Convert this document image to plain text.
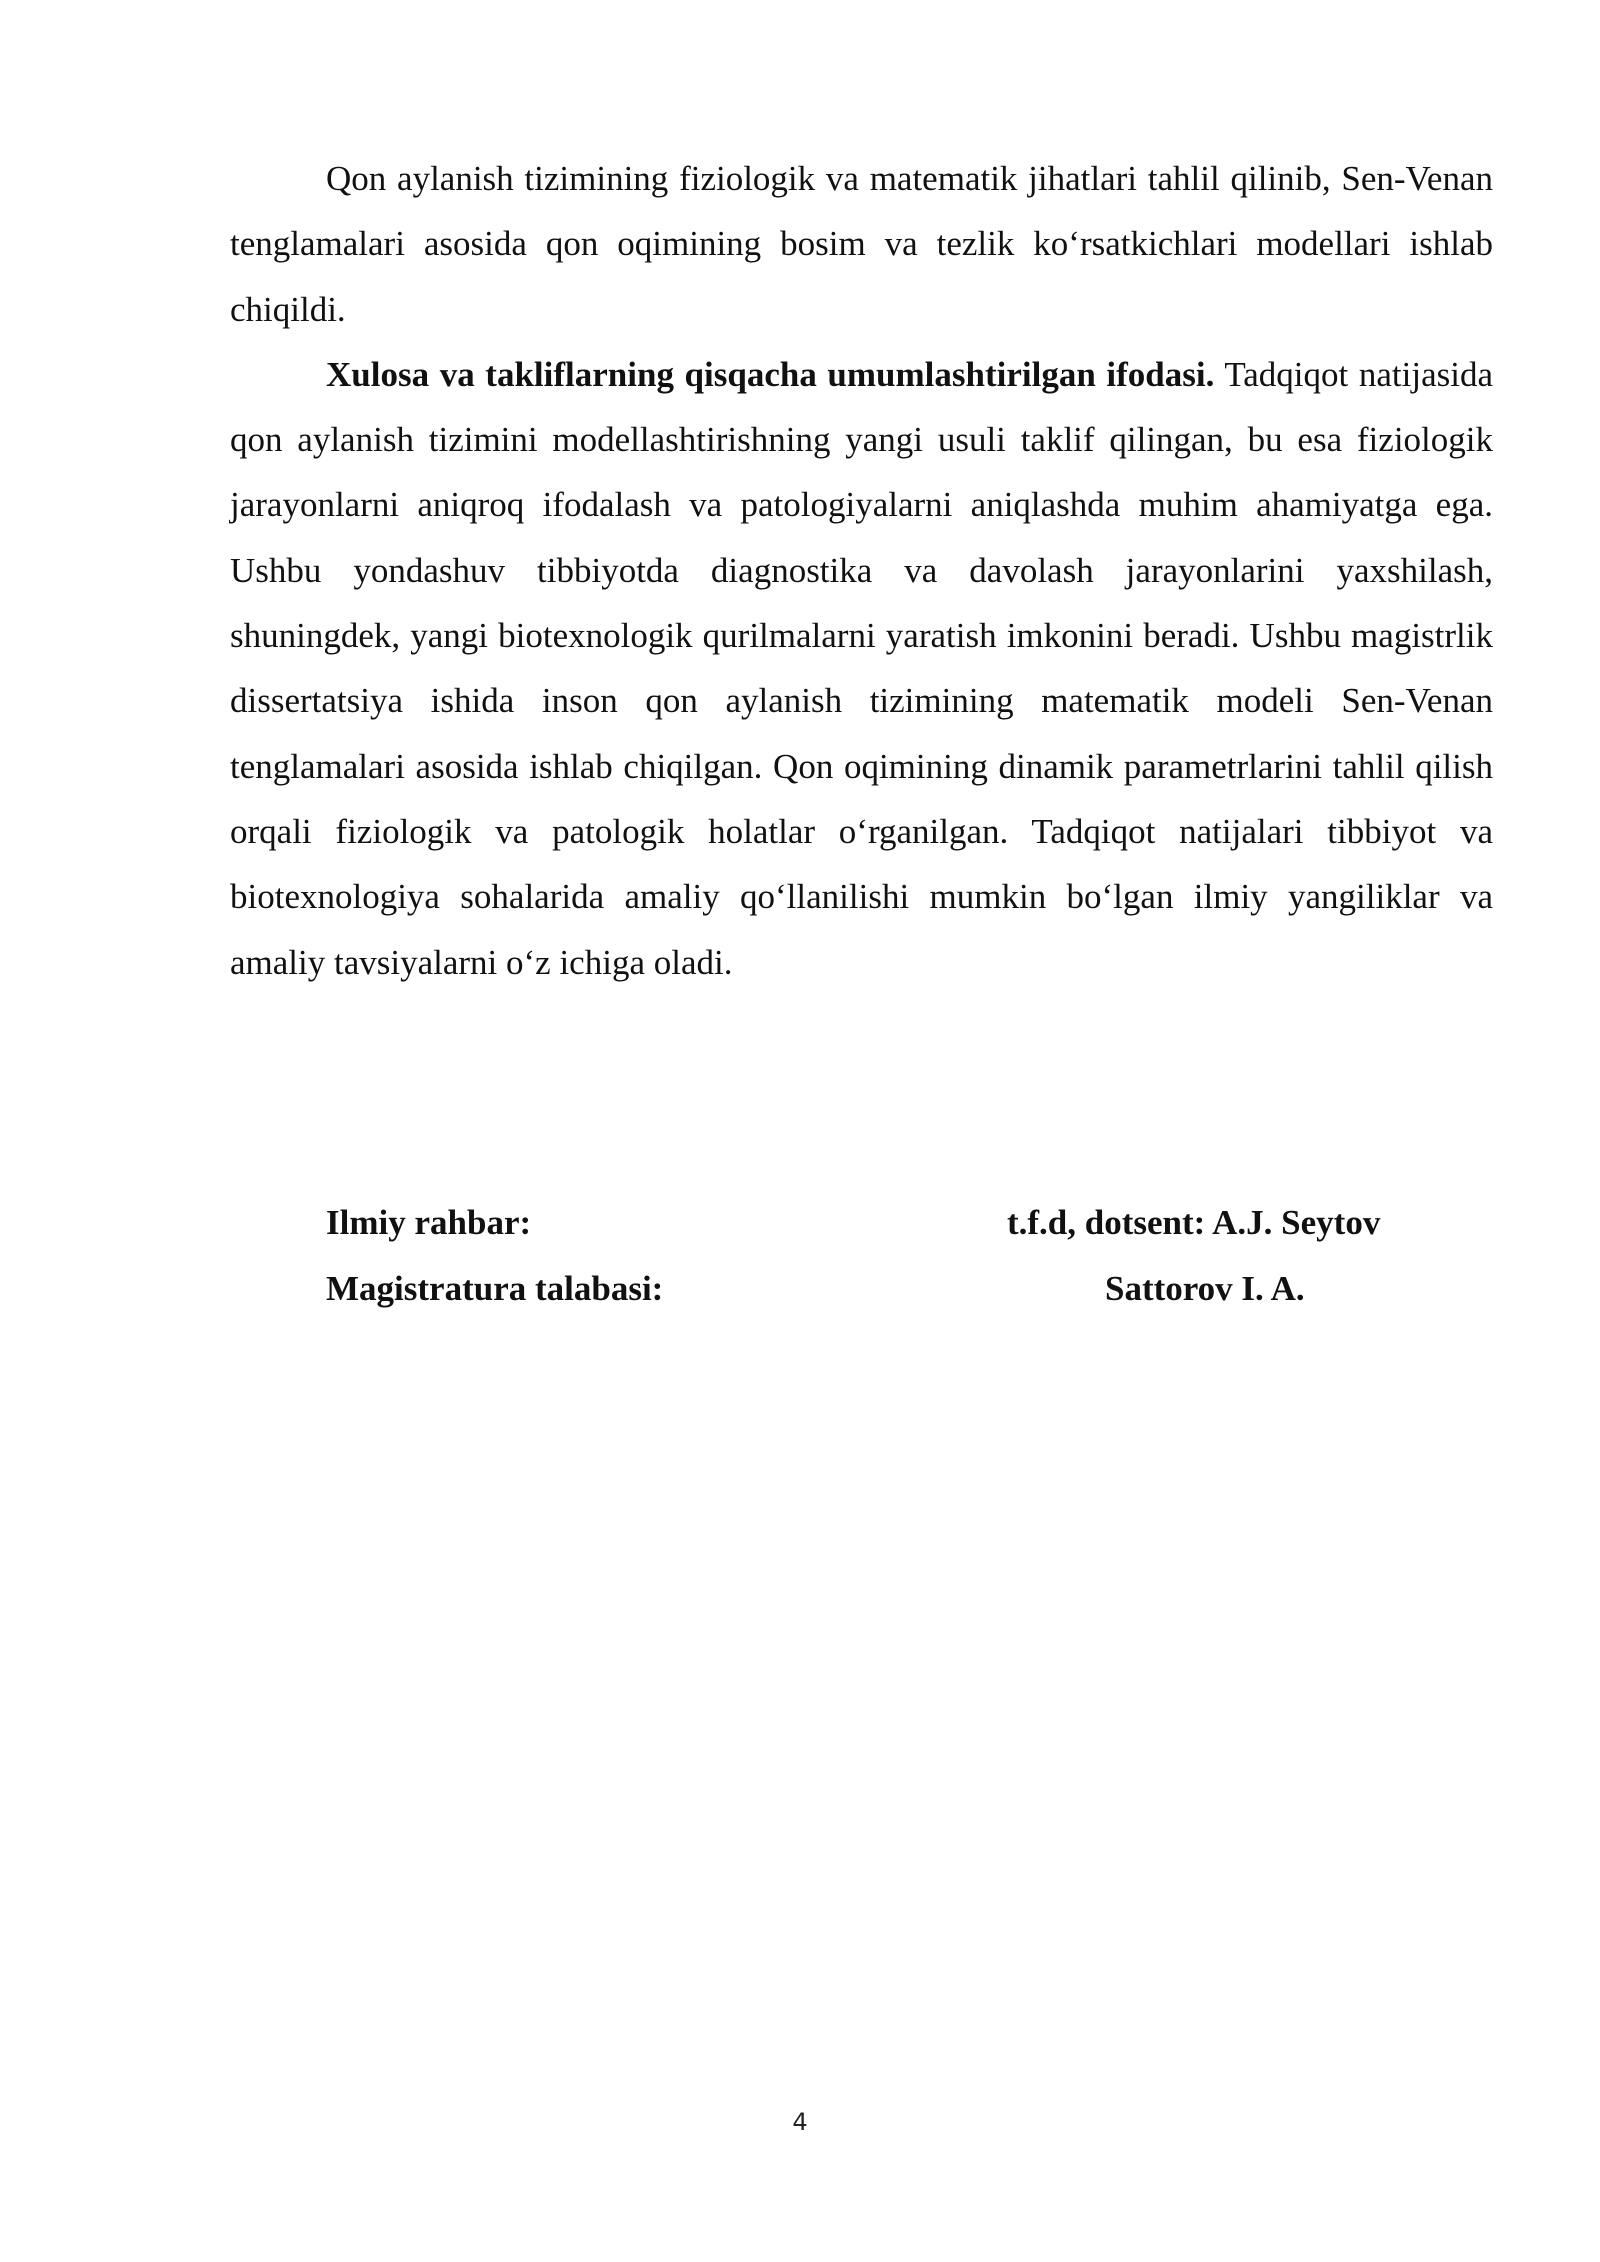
Qon aylanish tizimining fiziologik va matematik jihatlari tahlil qilinib, Sen-Venan tenglamalari asosida qon oqimining bosim va tezlik koʻrsatkichlari modellari ishlab chiqildi.

Xulosa va takliflarning qisqacha umumlashtirilgan ifodasi. Tadqiqot natijasida qon aylanish tizimini modellashtirishning yangi usuli taklif qilingan, bu esa fiziologik jarayonlarni aniqroq ifodalash va patologiyalarni aniqlashda muhim ahamiyatga ega. Ushbu yondashuv tibbiyotda diagnostika va davolash jarayonlarini yaxshilash, shuningdek, yangi biotexnologik qurilmalarni yaratish imkonini beradi. Ushbu magistrlik dissertatsiya ishida inson qon aylanish tizimining matematik modeli Sen-Venan tenglamalari asosida ishlab chiqilgan. Qon oqimining dinamik parametrlarini tahlil qilish orqali fiziologik va patologik holatlar oʻrganilgan. Tadqiqot natijalari tibbiyot va biotexnologiya sohalarida amaliy qoʻllanilishi mumkin boʻlgan ilmiy yangiliklar va amaliy tavsiyalarni oʻz ichiga oladi.

Ilmiy rahbar:	t.f.d, dotsent: A.J. Seytov
Magistratura talabasi:	Sattorov I. A.
4
